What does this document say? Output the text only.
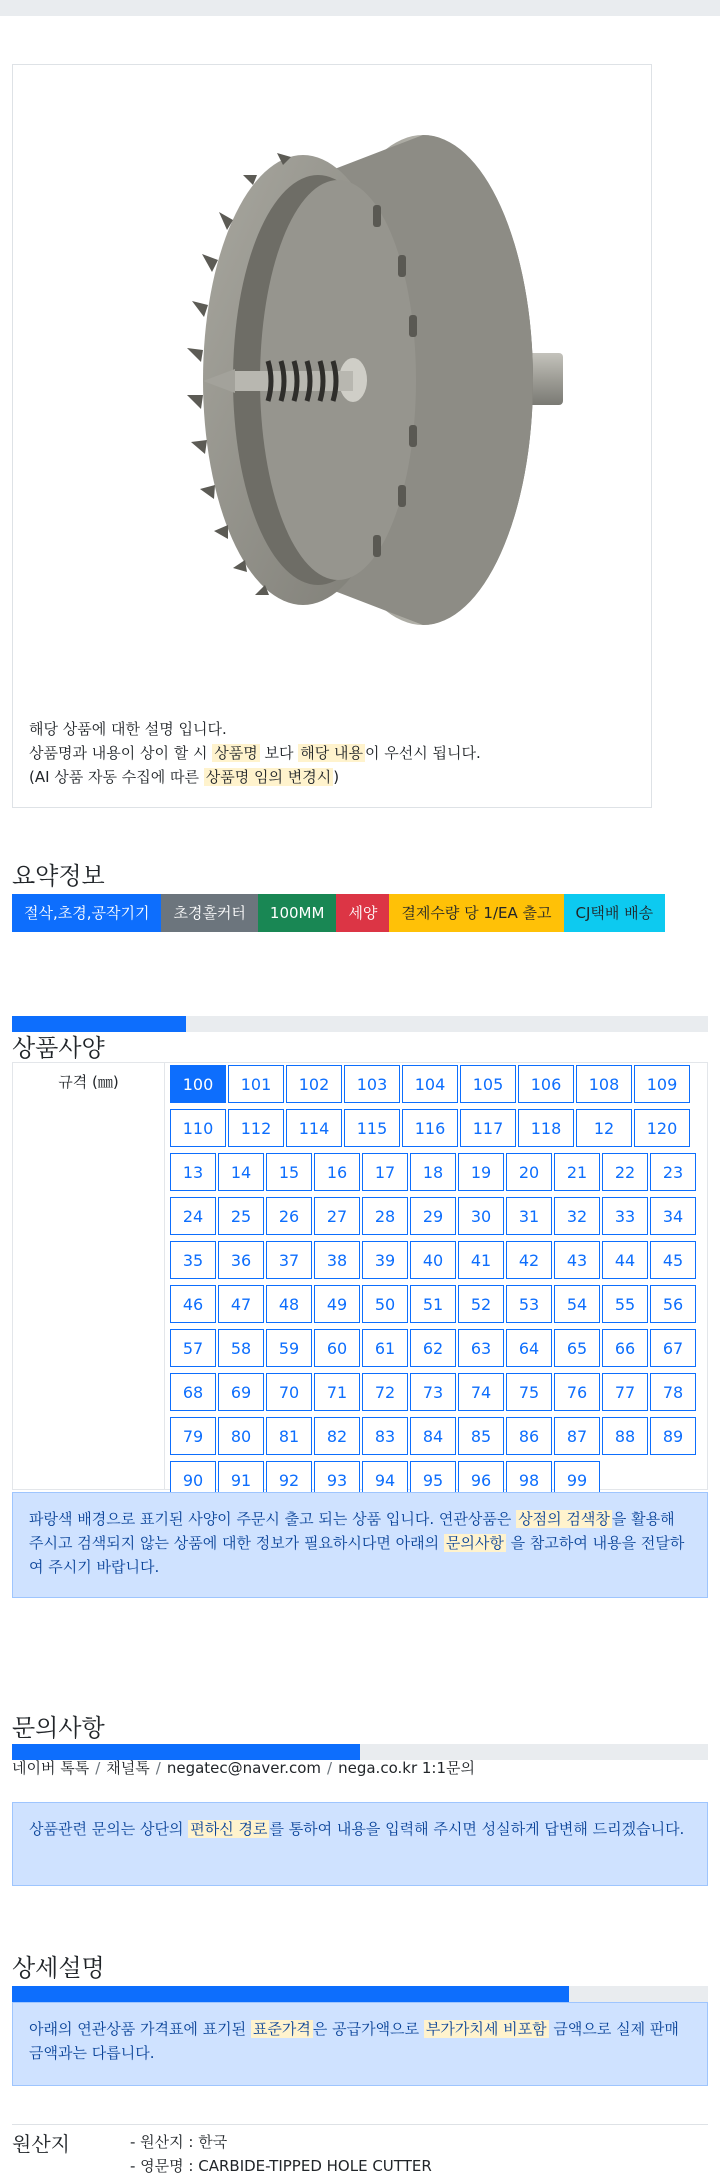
해당 상품에 대한 설명 입니다.
상품명과 내용이 상이 할 시 상품명 보다 해당 내용 이 우선시 됩니다.
(AI 상품 자동 수집에 따른 상품명 임의 변경시 )
요약정보
절삭,초경,공작기기	초경홀커터	100MM	세양	결제수량 당 1/EA 출고	CJ택배 배송
상품사양
규격 (㎜)	100	101	102	103	104	105	106	108	109
110	112	114	115	116	117	118	12	120
13	14	15	16	17	18	19	20	21	22	23
24	25	26	27	28	29	30	31	32	33	34
35	36	37	38	39	40	41	42	43	44	45
46	47	48	49	50	51	52	53	54	55	56
57	58	59	60	61	62	63	64	65	66	67
68	69	70	71	72	73	74	75	76	77	78
79	80	81	82	83	84	85	86	87	88	89
90	91	92	93	94	95	96	98	99
파랑색 배경으로 표기된 사양이 주문시 출고 되는 상품 입니다. 연관상품은 상점의 검색창 을 활용해 주시고 검색되지 않는 상품에 대한 정보가 필요하시다면 아래의 문의사항 을 참고하여 내용을 전달하여 주시기 바랍니다.
문의사항
네이버 톡톡 / 채널톡 / negatec@naver.com / nega.co.kr 1:1문의
상품관련 문의는 상단의 편하신 경로 를 통하여 내용을 입력해 주시면 성실하게 답변해 드리겠습니다.
상세설명
아래의 연관상품 가격표에 표기된 표준가격 은 공급가액으로 부가가치세 비포함 금액으로 실제 판매금액과는 다릅니다.
원산지	- 원산지 : 한국
- 영문명 : CARBIDE-TIPPED HOLE CUTTER
